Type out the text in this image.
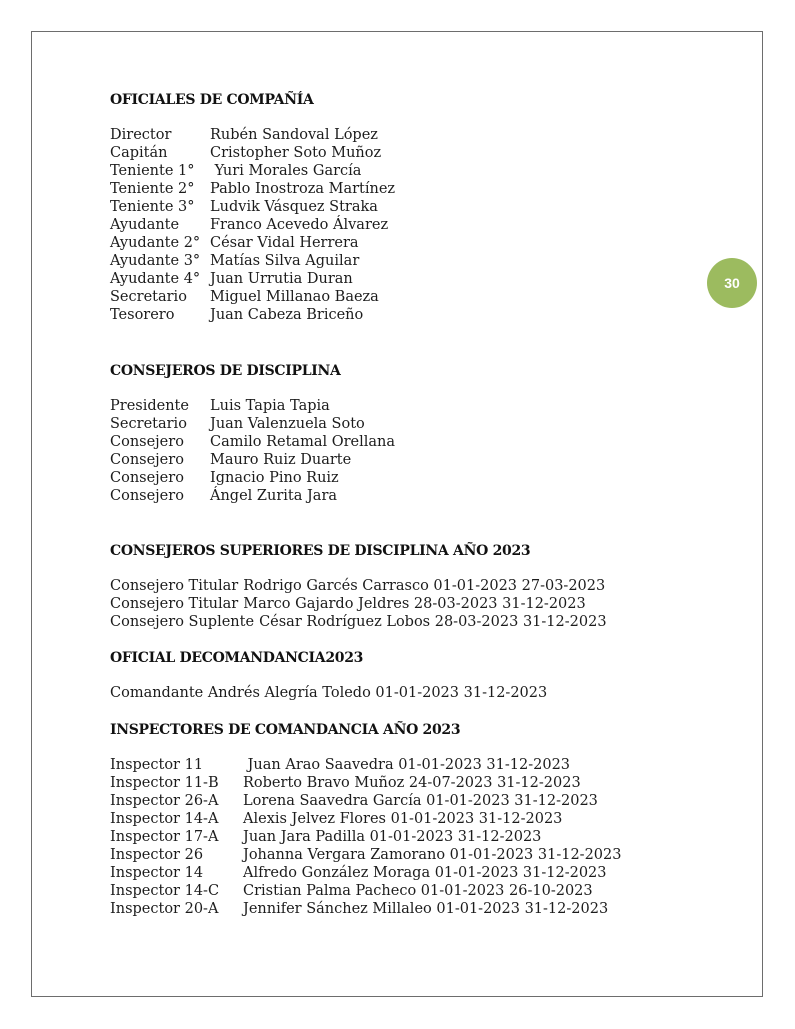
30
OFICIALES DE COMPAÑÍA
Director	Rubén Sandoval López
Capitán	Cristopher Soto Muñoz
Teniente 1° Yuri Morales García
Teniente 2° Pablo Inostroza Martínez
Teniente 3° Ludvik Vásquez Straka
Ayudante Franco Acevedo Álvarez
Ayudante 2° César Vidal Herrera
Ayudante 3° Matías Silva Aguilar
Ayudante 4° Juan Urrutia Duran
Secretario Miguel Millanao Baeza
Tesorero Juan Cabeza Briceño
CONSEJEROS DE DISCIPLINA
Presidente Luis Tapia Tapia
Secretario Juan Valenzuela Soto
Consejero Camilo Retamal Orellana
Consejero Mauro Ruiz Duarte
Consejero Ignacio Pino Ruiz
Consejero Ángel Zurita Jara
CONSEJEROS SUPERIORES DE DISCIPLINA AÑO 2023
Consejero Titular Rodrigo Garcés Carrasco 01-01-2023 27-03-2023
Consejero Titular Marco Gajardo Jeldres 28-03-2023 31-12-2023
Consejero Suplente César Rodríguez Lobos 28-03-2023 31-12-2023
OFICIAL DECOMANDANCIA2023
Comandante Andrés Alegría Toledo 01-01-2023 31-12-2023
INSPECTORES DE COMANDANCIA AÑO 2023
Inspector 11	Juan Arao Saavedra 01-01-2023 31-12-2023
Inspector 11-B Roberto Bravo Muñoz 24-07-2023 31-12-2023
Inspector 26-A Lorena Saavedra García 01-01-2023 31-12-2023
Inspector 14-A Alexis Jelvez Flores 01-01-2023 31-12-2023
Inspector 17-A Juan Jara Padilla 01-01-2023 31-12-2023
Inspector 26	Johanna Vergara Zamorano 01-01-2023 31-12-2023
Inspector 14	Alfredo González Moraga 01-01-2023 31-12-2023
Inspector 14-C Cristian Palma Pacheco 01-01-2023 26-10-2023
Inspector 20-A Jennifer Sánchez Millaleo 01-01-2023 31-12-2023
